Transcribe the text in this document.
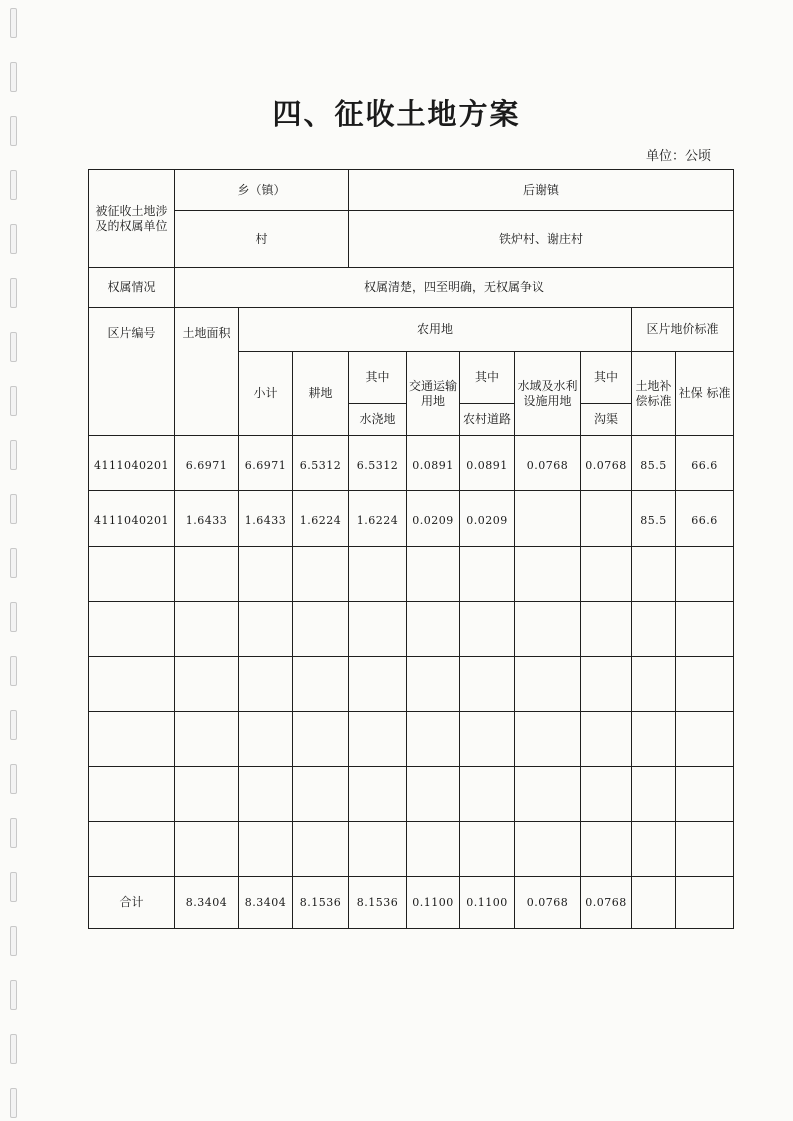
四、征收土地方案
单位：公顷
被征收土地涉及的权属单位	乡（镇）			后谢镇						
	村			铁炉村、谢庄村						
权属情况	权属清楚，四至明确，无权属争议									
区片编号	土地面积	农用地							区片地价标准	
		小计	耕地	其中	交通运输用地	其中	水域及水利设施用地	其中	土地补偿标准	社保 标准
				水浇地		农村道路		沟渠		
4111040201	6.6971	6.6971	6.5312	6.5312	0.0891	0.0891	0.0768	0.0768	85.5	66.6
4111040201	1.6433	1.6433	1.6224	1.6224	0.0209	0.0209			85.5	66.6

合计	8.3404	8.3404	8.1536	8.1536	0.1100	0.1100	0.0768	0.0768		
